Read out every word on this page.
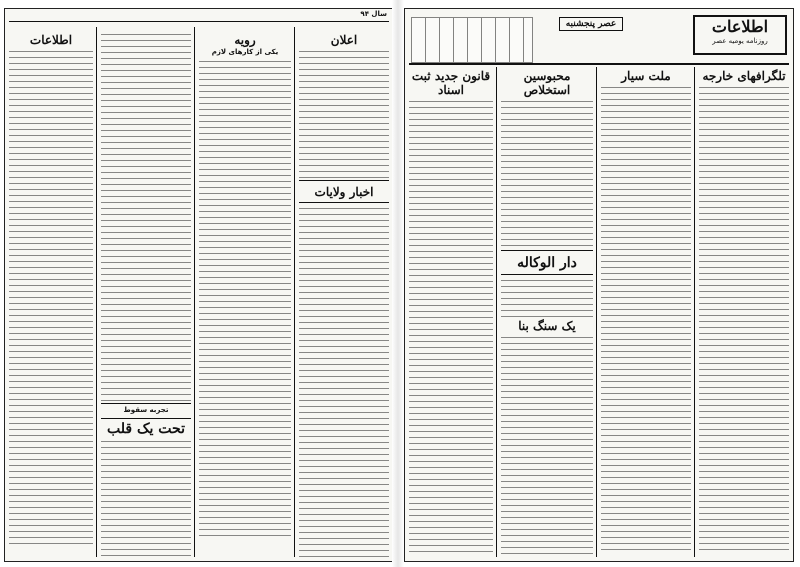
سال ۹۴
اعلان
اخبار ولایات
رویه
یکی از کارهای لازم
تجربه سقوط
تحت یک قلب
اطلاعات
اطلاعات
روزنامه یومیه عصر
عصر پنجشنبه
تلگرافهای خارجه
ملت سیار
محبوسین استخلاص
دار الوکاله
یک سنگ بنا
قانون جدید ثبت اسناد
